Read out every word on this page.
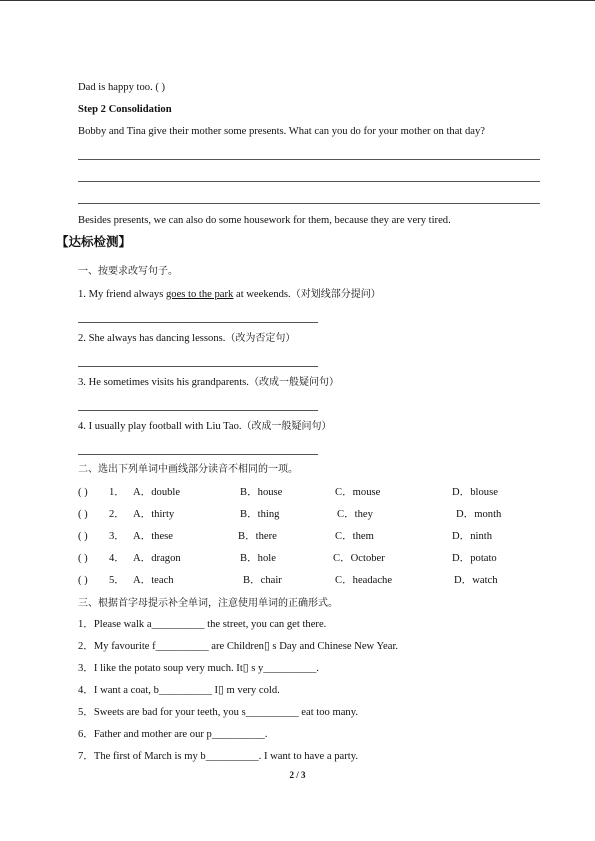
Dad is happy too. ( )
Step 2 Consolidation
Bobby and Tina give their mother some presents. What can you do for your mother on that day?
Besides presents, we can also do some housework for them, because they are very tired.
【达标检测】
一、按要求改写句子。
1. My friend always goes to the park at weekends.（对划线部分提问）
2. She always has dancing lessons.（改为否定句）
3. He sometimes visits his grandparents.（改成一般疑问句）
4. I usually play football with Liu Tao.（改成一般疑问句）
二、选出下列单词中画线部分读音不相同的一项。
( ) 1． A．double	B．house	C．mouse	D．blouse
( ) 2． A．thirty	B．thing	C．they	D．month
( ) 3． A．these	B．there	C．them	D．ninth
( ) 4． A．dragon	B．hole	C．October	D．potato
( ) 5． A．teach	B．chair	C．headache	D．watch
三、根据首字母提示补全单词，注意使用单词的正确形式。
1．Please walk a__________ the street, you can get there.
2．My favourite f__________ are Children▯ s Day and Chinese New Year.
3．I like the potato soup very much. It▯ s y__________.
4．I want a coat, b__________ I▯ m very cold.
5．Sweets are bad for your teeth, you s__________ eat too many.
6．Father and mother are our p__________.
7．The first of March is my b__________. I want to have a party.
2 / 3
